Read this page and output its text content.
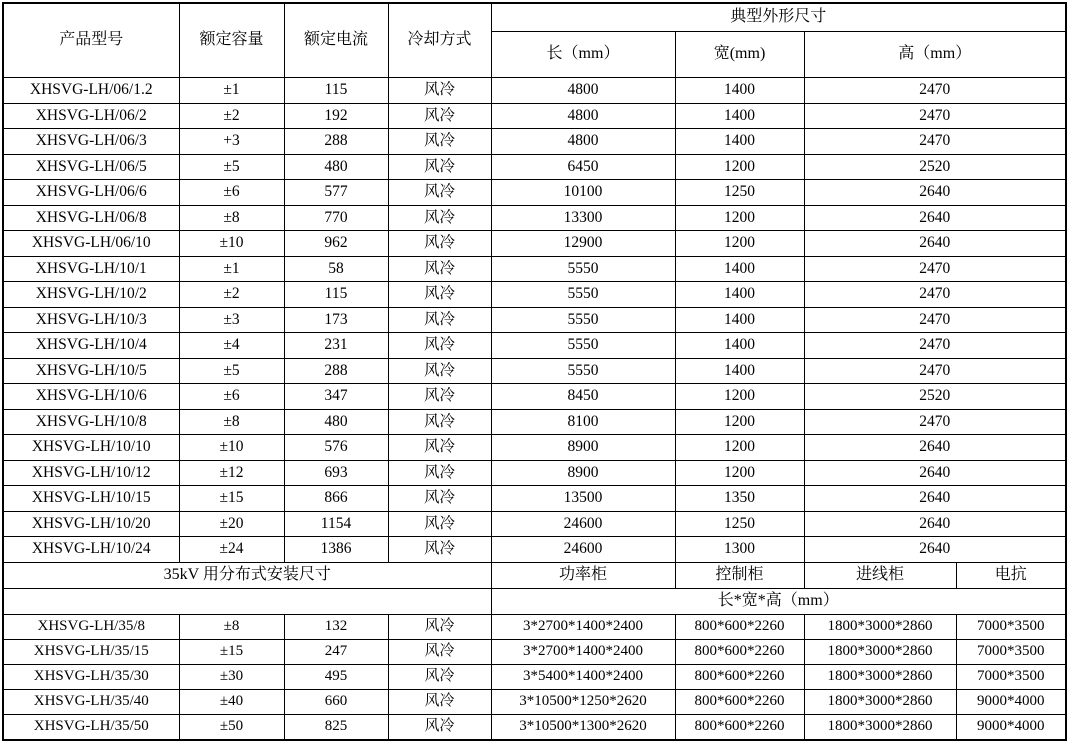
产品型号	额定容量	额定电流	冷却方式	典型外形尺寸			
				长（mm）	宽(mm)	高（mm）	
XHSVG-LH/06/1.2	±1	115	风冷	4800	1400	2470	
XHSVG-LH/06/2	±2	192	风冷	4800	1400	2470	
XHSVG-LH/06/3	+3	288	风冷	4800	1400	2470	
XHSVG-LH/06/5	±5	480	风冷	6450	1200	2520	
XHSVG-LH/06/6	±6	577	风冷	10100	1250	2640	
XHSVG-LH/06/8	±8	770	风冷	13300	1200	2640	
XHSVG-LH/06/10	±10	962	风冷	12900	1200	2640	
XHSVG-LH/10/1	±1	58	风冷	5550	1400	2470	
XHSVG-LH/10/2	±2	115	风冷	5550	1400	2470	
XHSVG-LH/10/3	±3	173	风冷	5550	1400	2470	
XHSVG-LH/10/4	±4	231	风冷	5550	1400	2470	
XHSVG-LH/10/5	±5	288	风冷	5550	1400	2470	
XHSVG-LH/10/6	±6	347	风冷	8450	1200	2520	
XHSVG-LH/10/8	±8	480	风冷	8100	1200	2470	
XHSVG-LH/10/10	±10	576	风冷	8900	1200	2640	
XHSVG-LH/10/12	±12	693	风冷	8900	1200	2640	
XHSVG-LH/10/15	±15	866	风冷	13500	1350	2640	
XHSVG-LH/10/20	±20	1154	风冷	24600	1250	2640	
XHSVG-LH/10/24	±24	1386	风冷	24600	1300	2640	
35kV 用分布式安装尺寸				功率柜	控制柜	进线柜	电抗
				长*宽*高（mm）			
XHSVG-LH/35/8	±8	132	风冷	3*2700*1400*2400	800*600*2260	1800*3000*2860	7000*3500
XHSVG-LH/35/15	±15	247	风冷	3*2700*1400*2400	800*600*2260	1800*3000*2860	7000*3500
XHSVG-LH/35/30	±30	495	风冷	3*5400*1400*2400	800*600*2260	1800*3000*2860	7000*3500
XHSVG-LH/35/40	±40	660	风冷	3*10500*1250*2620	800*600*2260	1800*3000*2860	9000*4000
XHSVG-LH/35/50	±50	825	风冷	3*10500*1300*2620	800*600*2260	1800*3000*2860	9000*4000
